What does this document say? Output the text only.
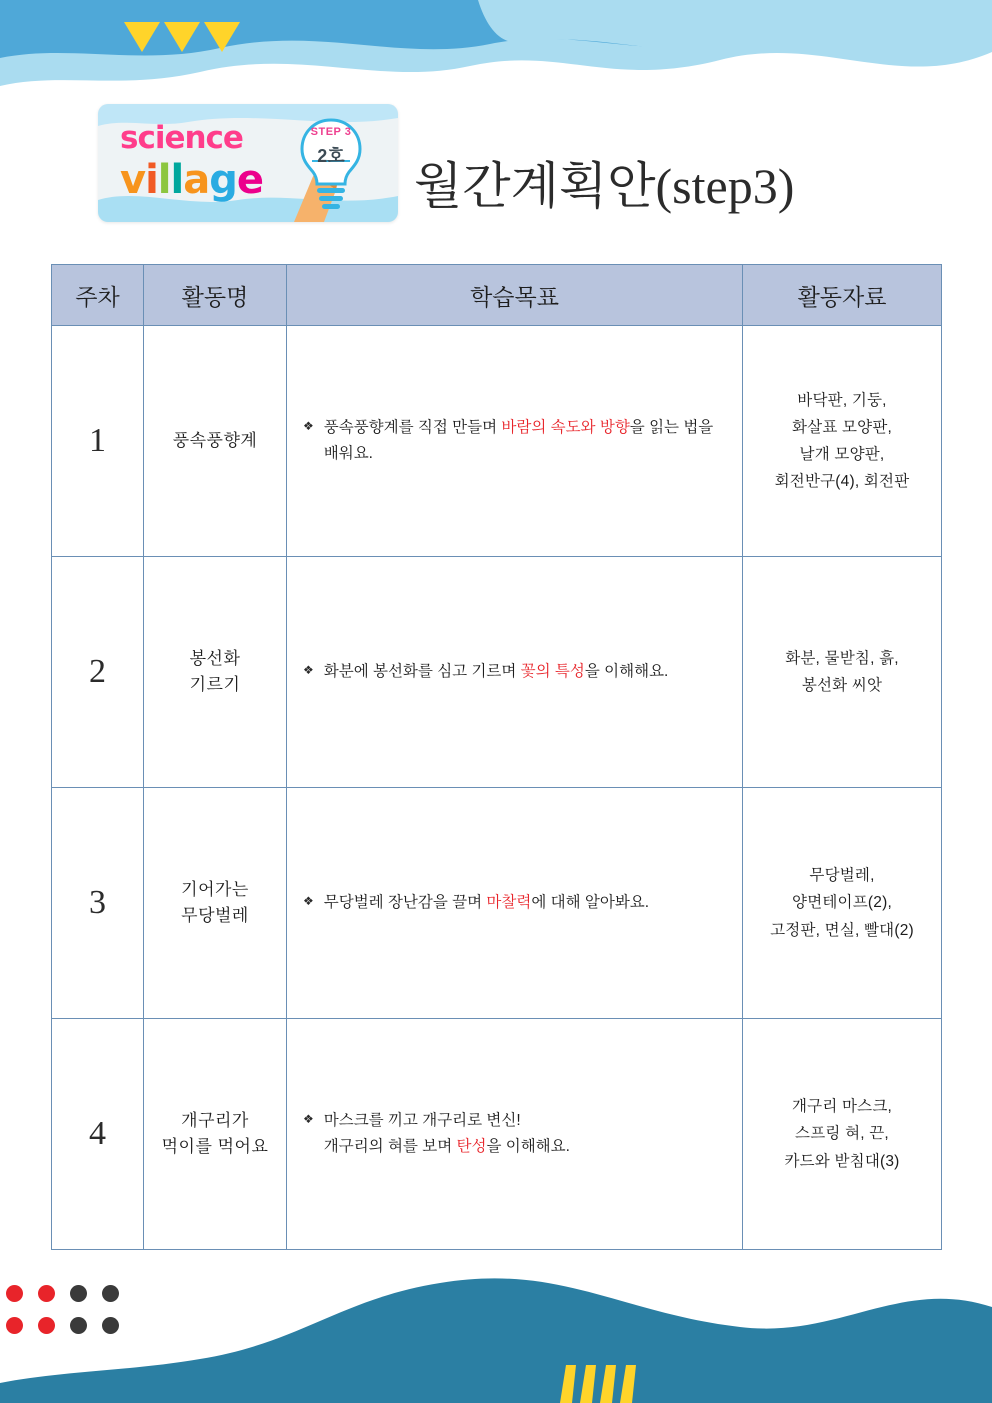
science
village
STEP 3
2호
월간계획안(step3)
주차	활동명	학습목표	활동자료
1	풍속풍향계	❖ 풍속풍향계를 직접 만들며 바람의 속도와 방향을 읽는 법을 배워요.	바닥판, 기둥,
화살표 모양판,
날개 모양판,
회전반구(4), 회전판
2	봉선화
기르기	❖ 화분에 봉선화를 심고 기르며 꽃의 특성을 이해해요.	화분, 물받침, 흙,
봉선화 씨앗
3	기어가는
무당벌레	❖ 무당벌레 장난감을 끌며 마찰력에 대해 알아봐요.	무당벌레,
양면테이프(2),
고정판, 면실, 빨대(2)
4	개구리가
먹이를 먹어요	❖ 마스크를 끼고 개구리로 변신!
개구리의 혀를 보며 탄성을 이해해요.	개구리 마스크,
스프링 혀, 끈,
카드와 받침대(3)
